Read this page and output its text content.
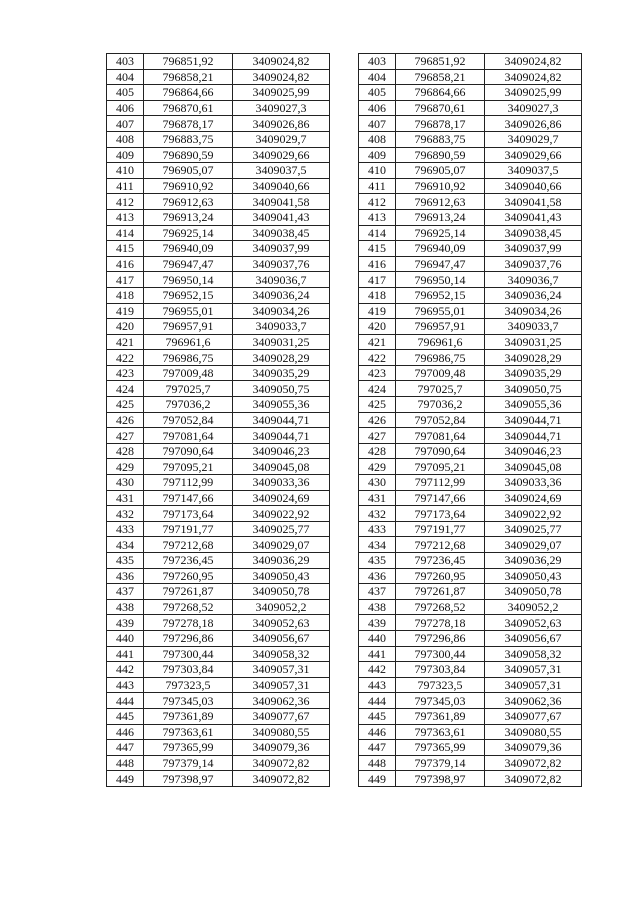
403	796851,92	3409024,82
404	796858,21	3409024,82
405	796864,66	3409025,99
406	796870,61	3409027,3
407	796878,17	3409026,86
408	796883,75	3409029,7
409	796890,59	3409029,66
410	796905,07	3409037,5
411	796910,92	3409040,66
412	796912,63	3409041,58
413	796913,24	3409041,43
414	796925,14	3409038,45
415	796940,09	3409037,99
416	796947,47	3409037,76
417	796950,14	3409036,7
418	796952,15	3409036,24
419	796955,01	3409034,26
420	796957,91	3409033,7
421	796961,6	3409031,25
422	796986,75	3409028,29
423	797009,48	3409035,29
424	797025,7	3409050,75
425	797036,2	3409055,36
426	797052,84	3409044,71
427	797081,64	3409044,71
428	797090,64	3409046,23
429	797095,21	3409045,08
430	797112,99	3409033,36
431	797147,66	3409024,69
432	797173,64	3409022,92
433	797191,77	3409025,77
434	797212,68	3409029,07
435	797236,45	3409036,29
436	797260,95	3409050,43
437	797261,87	3409050,78
438	797268,52	3409052,2
439	797278,18	3409052,63
440	797296,86	3409056,67
441	797300,44	3409058,32
442	797303,84	3409057,31
443	797323,5	3409057,31
444	797345,03	3409062,36
445	797361,89	3409077,67
446	797363,61	3409080,55
447	797365,99	3409079,36
448	797379,14	3409072,82
449	797398,97	3409072,82
403	796851,92	3409024,82
404	796858,21	3409024,82
405	796864,66	3409025,99
406	796870,61	3409027,3
407	796878,17	3409026,86
408	796883,75	3409029,7
409	796890,59	3409029,66
410	796905,07	3409037,5
411	796910,92	3409040,66
412	796912,63	3409041,58
413	796913,24	3409041,43
414	796925,14	3409038,45
415	796940,09	3409037,99
416	796947,47	3409037,76
417	796950,14	3409036,7
418	796952,15	3409036,24
419	796955,01	3409034,26
420	796957,91	3409033,7
421	796961,6	3409031,25
422	796986,75	3409028,29
423	797009,48	3409035,29
424	797025,7	3409050,75
425	797036,2	3409055,36
426	797052,84	3409044,71
427	797081,64	3409044,71
428	797090,64	3409046,23
429	797095,21	3409045,08
430	797112,99	3409033,36
431	797147,66	3409024,69
432	797173,64	3409022,92
433	797191,77	3409025,77
434	797212,68	3409029,07
435	797236,45	3409036,29
436	797260,95	3409050,43
437	797261,87	3409050,78
438	797268,52	3409052,2
439	797278,18	3409052,63
440	797296,86	3409056,67
441	797300,44	3409058,32
442	797303,84	3409057,31
443	797323,5	3409057,31
444	797345,03	3409062,36
445	797361,89	3409077,67
446	797363,61	3409080,55
447	797365,99	3409079,36
448	797379,14	3409072,82
449	797398,97	3409072,82
